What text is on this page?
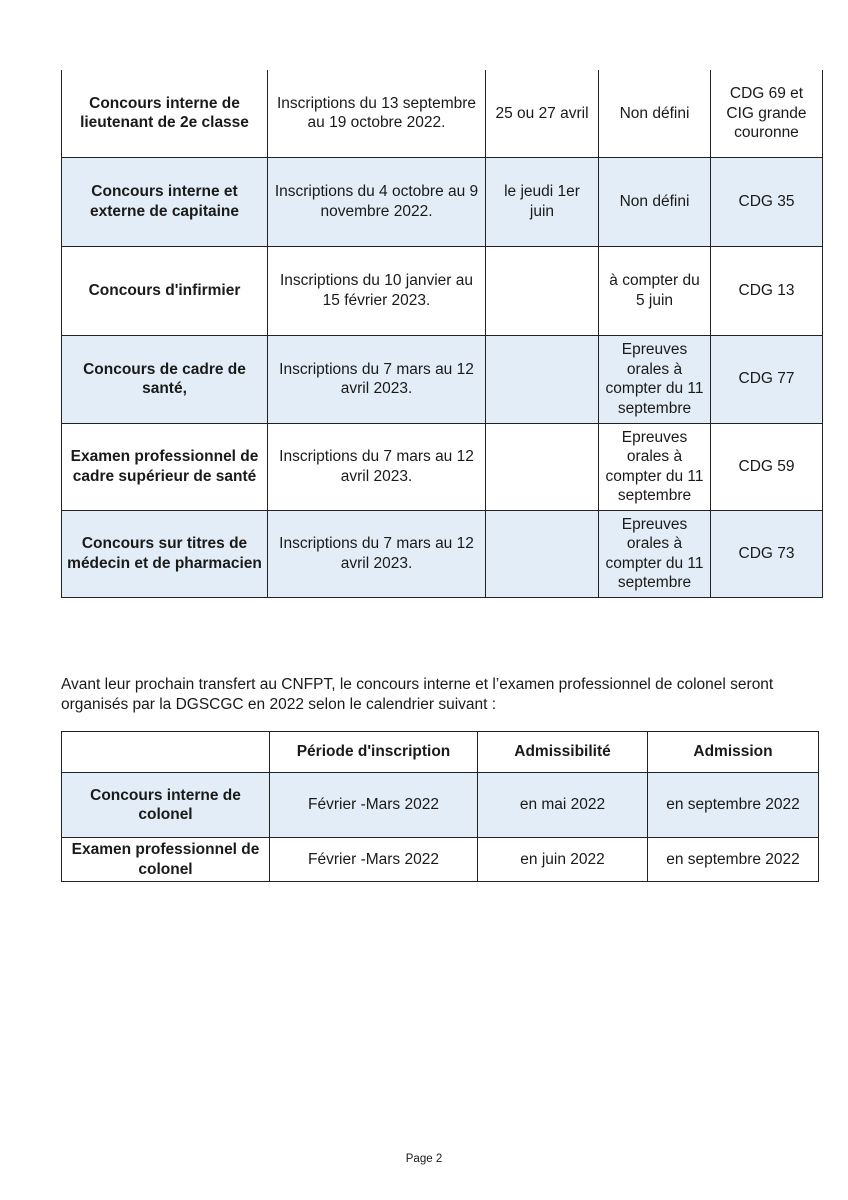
Concours interne de lieutenant de 2e classe	Inscriptions du 13 septembre au 19 octobre 2022.	25 ou 27 avril	Non défini	CDG 69 et CIG grande couronne
Concours interne et externe de capitaine	Inscriptions du 4 octobre au 9 novembre 2022.	le jeudi 1er juin	Non défini	CDG 35
Concours d'infirmier	Inscriptions du 10 janvier au 15 février 2023.		à compter du 5 juin	CDG 13
Concours de cadre de santé,	Inscriptions du 7 mars au 12 avril 2023.		Epreuves orales à compter du 11 septembre	CDG 77
Examen professionnel de cadre supérieur de santé	Inscriptions du 7 mars au 12 avril 2023.		Epreuves orales à compter du 11 septembre	CDG 59
Concours sur titres de médecin et de pharmacien	Inscriptions du 7 mars au 12 avril 2023.		Epreuves orales à compter du 11 septembre	CDG 73

Avant leur prochain transfert au CNFPT, le concours interne et l’examen professionnel de colonel seront organisés par la DGSCGC en 2022 selon le calendrier suivant :

	Période d'inscription	Admissibilité	Admission
Concours interne de colonel	Février -Mars 2022	en mai 2022	en septembre 2022
Examen professionnel de colonel	Février -Mars 2022	en juin 2022	en septembre 2022
Page 2
